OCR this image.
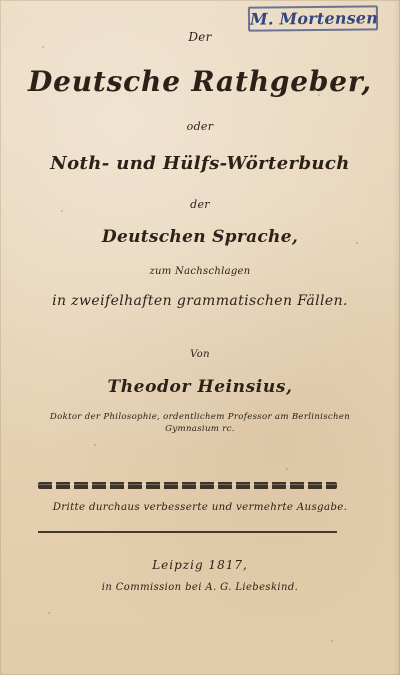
M. Mortensen
Der
Deutsche Rathgeber,
oder
Noth- und Hülfs-Wörterbuch
der
Deutschen Sprache,
zum Nachschlagen
in zweifelhaften grammatischen Fällen.
Von
Theodor Heinsius,
Doktor der Philosophie, ordentlichem Professor am Berlinischen
Gymnasium rc.
Dritte durchaus verbesserte und vermehrte Ausgabe.
Leipzig 1817,
in Commission bei A. G. Liebeskind.
